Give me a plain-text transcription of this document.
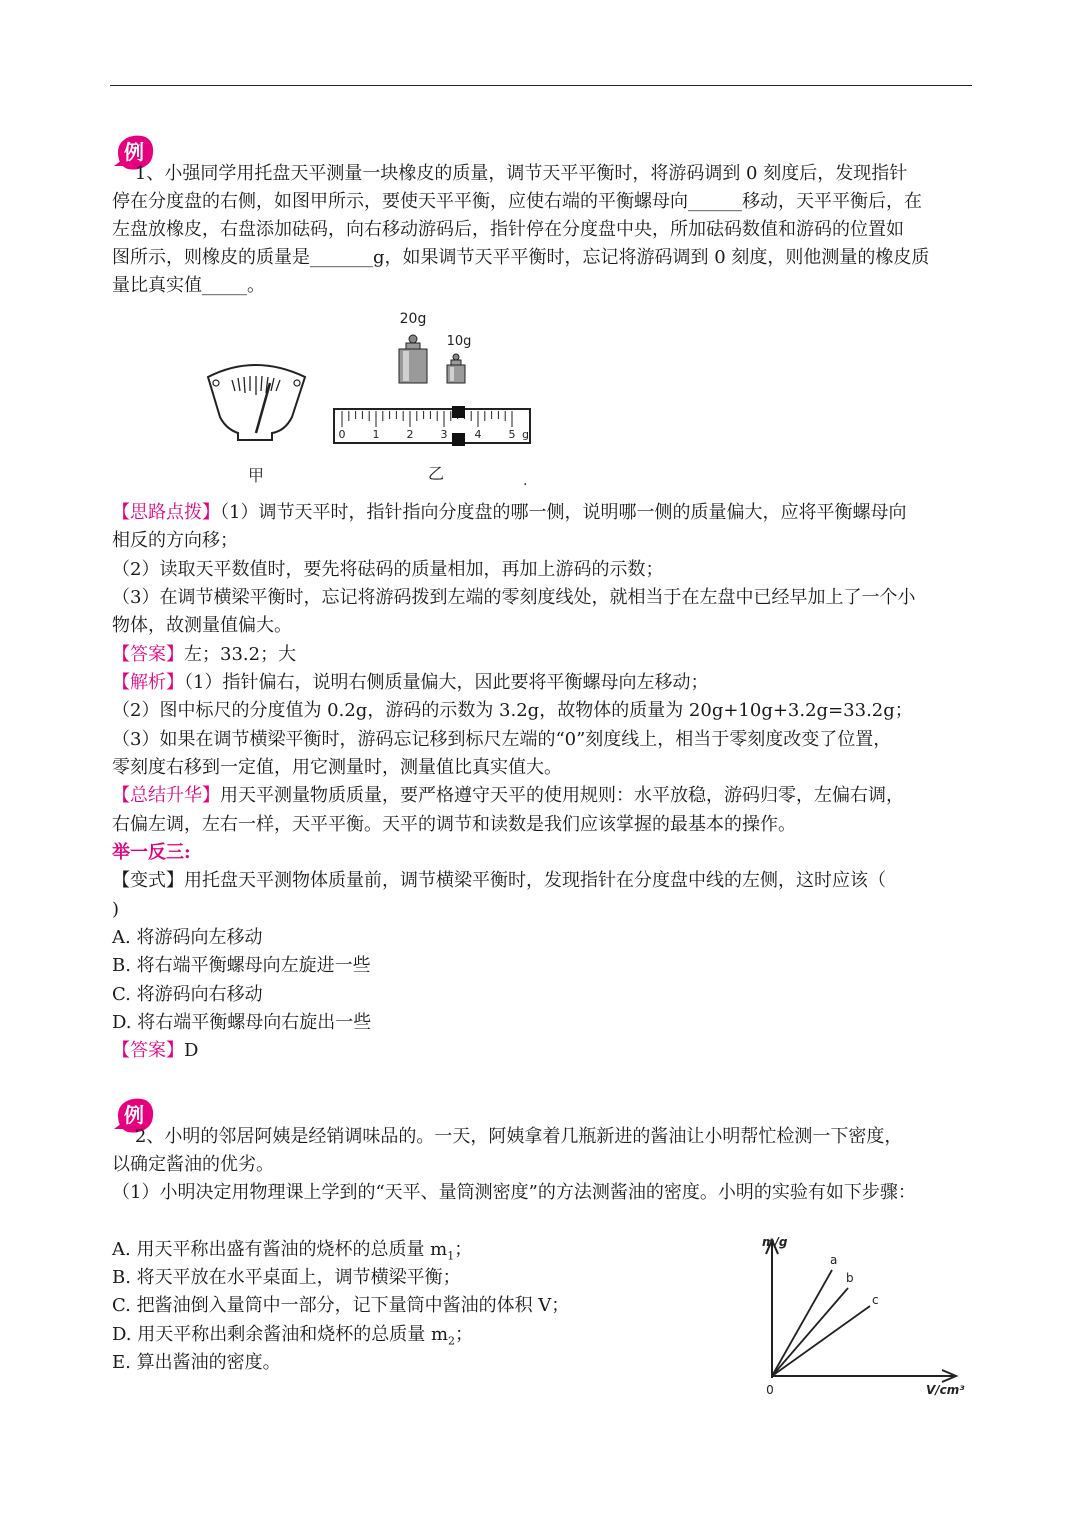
例
1、小强同学用托盘天平测量一块橡皮的质量，调节天平平衡时，将游码调到 0 刻度后，发现指针
停在分度盘的右侧，如图甲所示，要使天平平衡，应使右端的平衡螺母向______移动，天平平衡后，在
左盘放橡皮，右盘添加砝码，向右移动游码后，指针停在分度盘中央，所加砝码数值和游码的位置如
图所示，则橡皮的质量是_______g，如果调节天平平衡时，忘记将游码调到 0 刻度，则他测量的橡皮质
量比真实值_____。
甲
20g
10g
0 1 2 3 4 5 g
乙	.
【思路点拨】（1）调节天平时，指针指向分度盘的哪一侧，说明哪一侧的质量偏大，应将平衡螺母向
相反的方向移；
（2）读取天平数值时，要先将砝码的质量相加，再加上游码的示数；
（3）在调节横梁平衡时，忘记将游码拨到左端的零刻度线处，就相当于在左盘中已经早加上了一个小
物体，故测量值偏大。
【答案】左；33.2；大
【解析】（1）指针偏右，说明右侧质量偏大，因此要将平衡螺母向左移动；
（2）图中标尺的分度值为 0.2g，游码的示数为 3.2g，故物体的质量为 20g+10g+3.2g=33.2g；
（3）如果在调节横梁平衡时，游码忘记移到标尺左端的“0”刻度线上，相当于零刻度改变了位置，
零刻度右移到一定值，用它测量时，测量值比真实值大。
【总结升华】用天平测量物质质量，要严格遵守天平的使用规则：水平放稳，游码归零，左偏右调，
右偏左调，左右一样，天平平衡。天平的调节和读数是我们应该掌握的最基本的操作。
举一反三:
【变式】用托盘天平测物体质量前，调节横梁平衡时，发现指针在分度盘中线的左侧，这时应该（
)
A. 将游码向左移动
B. 将右端平衡螺母向左旋进一些
C. 将游码向右移动
D. 将右端平衡螺母向右旋出一些
【答案】D
例
2、小明的邻居阿姨是经销调味品的。一天，阿姨拿着几瓶新进的酱油让小明帮忙检测一下密度，
以确定酱油的优劣。
（1）小明决定用物理课上学到的“天平、量筒测密度”的方法测酱油的密度。小明的实验有如下步骤：
A. 用天平称出盛有酱油的烧杯的总质量 $m_1$；
B. 将天平放在水平桌面上，调节横梁平衡；
C. 把酱油倒入量筒中一部分，记下量筒中酱油的体积 V；
D. 用天平称出剩余酱油和烧杯的总质量 $m_2$；
E. 算出酱油的密度。
m/g
V/cm³
0
a
b
c
